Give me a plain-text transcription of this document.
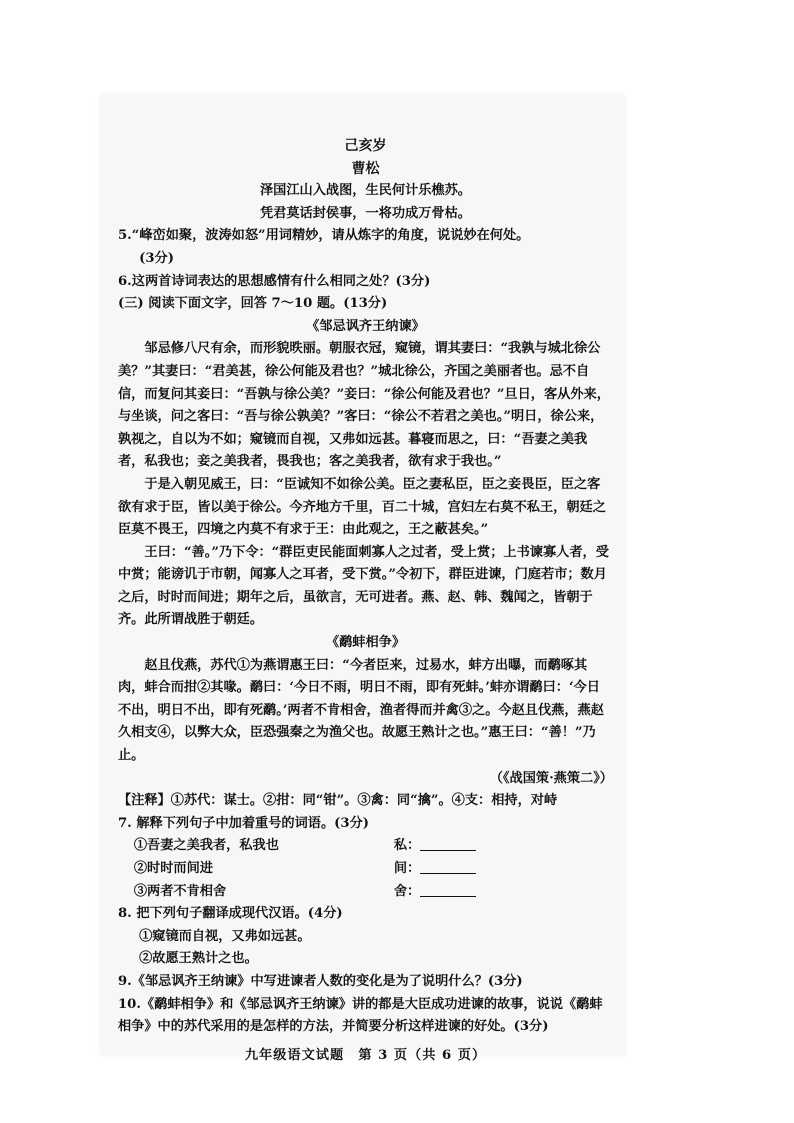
己亥岁
曹松
泽国江山入战图，生民何计乐樵苏。
凭君莫话封侯事，一将功成万骨枯。

5.“峰峦如聚，波涛如怒”用词精妙，请从炼字的角度，说说妙在何处。

(3分)

6.这两首诗词表达的思想感情有什么相同之处？(3分)

(三) 阅读下面文字，回答 7～10 题。(13分)

《邹忌讽齐王纳谏》

邹忌修八尺有余，而形貌昳丽。朝服衣冠，窥镜，谓其妻曰：“我孰与城北徐公美？”其妻曰：“君美甚，徐公何能及君也？”城北徐公，齐国之美丽者也。忌不自信，而复问其妾曰：“吾孰与徐公美？”妾曰：“徐公何能及君也？”旦日，客从外来，与坐谈，问之客曰：“吾与徐公孰美？”客曰：“徐公不若君之美也。”明日，徐公来，孰视之，自以为不如；窥镜而自视，又弗如远甚。暮寝而思之，曰：“吾妻之美我者，私我也；妾之美我者，畏我也；客之美我者，欲有求于我也。”

于是入朝见威王，曰：“臣诚知不如徐公美。臣之妻私臣，臣之妾畏臣，臣之客欲有求于臣，皆以美于徐公。今齐地方千里，百二十城，宫妇左右莫不私王，朝廷之臣莫不畏王，四境之内莫不有求于王：由此观之，王之蔽甚矣。”

王曰：“善。”乃下令：“群臣吏民能面刺寡人之过者，受上赏；上书谏寡人者，受中赏；能谤讥于市朝，闻寡人之耳者，受下赏。”令初下，群臣进谏，门庭若市；数月之后，时时而间进；期年之后，虽欲言，无可进者。燕、赵、韩、魏闻之，皆朝于齐。此所谓战胜于朝廷。

《鹬蚌相争》

赵且伐燕，苏代①为燕谓惠王曰：“今者臣来，过易水，蚌方出曝，而鹬啄其肉，蚌合而拑②其喙。鹬曰：‘今日不雨，明日不雨，即有死蚌。’蚌亦谓鹬曰：‘今日不出，明日不出，即有死鹬。’两者不肯相舍，渔者得而并禽③之。今赵且伐燕，燕赵久相支④，以弊大众，臣恐强秦之为渔父也。故愿王熟计之也。”惠王曰：“善！”乃止。

（《战国策·燕策二》）

【注释】①苏代：谋士。②拑：同“钳”。③禽：同“擒”。④支：相持，对峙

7. 解释下列句子中加着重号的词语。(3分)

①吾妻之美我者，私我也	私：
②时时而间进	间：
③两者不肯相舍	舍：

8. 把下列句子翻译成现代汉语。(4分)

①窥镜而自视，又弗如远甚。

②故愿王熟计之也。

9.《邹忌讽齐王纳谏》中写进谏者人数的变化是为了说明什么？(3分)

10.《鹬蚌相争》和《邹忌讽齐王纳谏》讲的都是大臣成功进谏的故事，说说《鹬蚌相争》中的苏代采用的是怎样的方法，并简要分析这样进谏的好处。(3分)

九年级语文试题　第 3 页（共 6 页）
